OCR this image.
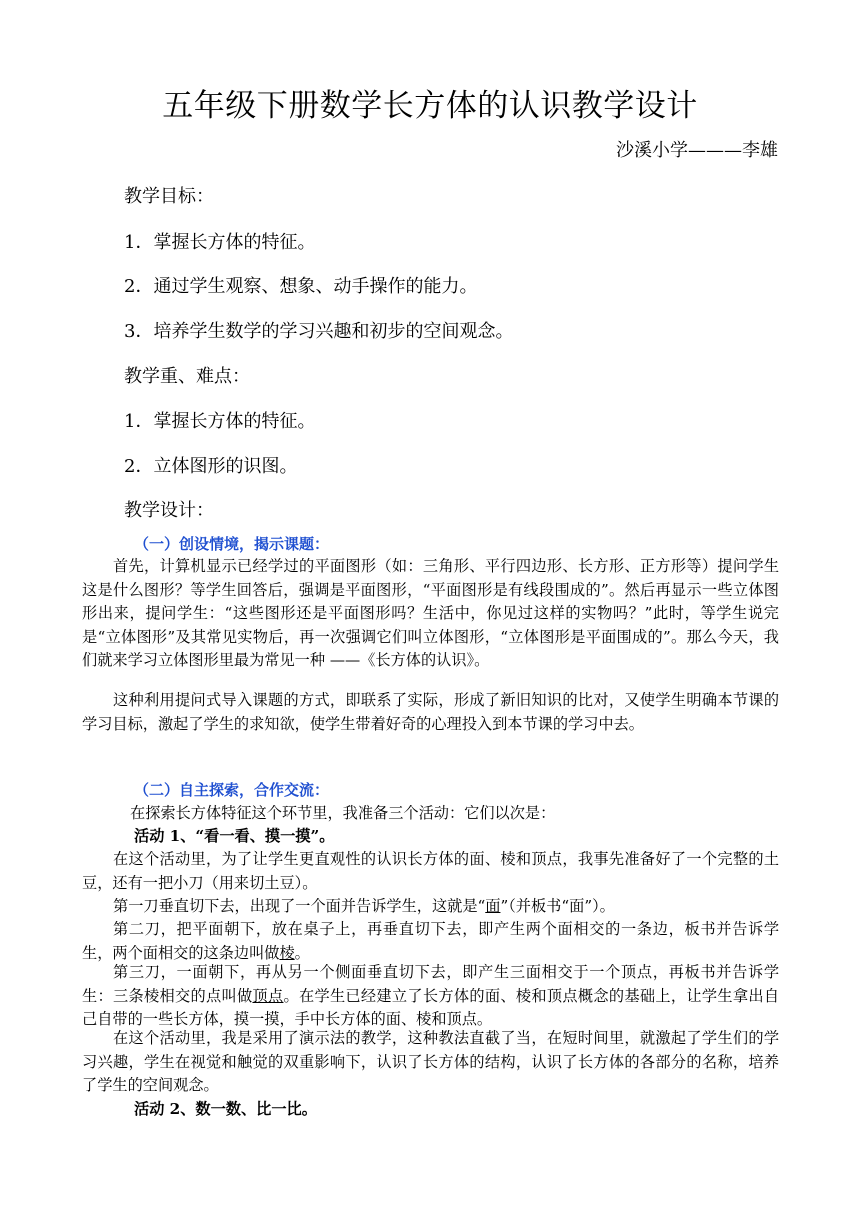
五年级下册数学长方体的认识教学设计
沙溪小学———李雄
教学目标：
1．掌握长方体的特征。
2．通过学生观察、想象、动手操作的能力。
3．培养学生数学的学习兴趣和初步的空间观念。
教学重、难点：
1．掌握长方体的特征。
2．立体图形的识图。
教学设计：
（一）创设情境，揭示课题：

首先，计算机显示已经学过的平面图形（如：三角形、平行四边形、长方形、正方形等）提问学生这是什么图形？等学生回答后，强调是平面图形，“平面图形是有线段围成的”。然后再显示一些立体图形出来，提问学生：“这些图形还是平面图形吗？生活中，你见过这样的实物吗？”此时，等学生说完是“立体图形”及其常见实物后，再一次强调它们叫立体图形，“立体图形是平面围成的”。那么今天，我们就来学习立体图形里最为常见一种 ——《长方体的认识》。

这种利用提问式导入课题的方式，即联系了实际，形成了新旧知识的比对，又使学生明确本节课的学习目标，激起了学生的求知欲，使学生带着好奇的心理投入到本节课的学习中去。

（二）自主探索，合作交流：
在探索长方体特征这个环节里，我准备三个活动：它们以次是：
活动 1、“看一看、摸一摸”。

在这个活动里，为了让学生更直观性的认识长方体的面、棱和顶点，我事先准备好了一个完整的土豆，还有一把小刀（用来切土豆）。

第一刀垂直切下去，出现了一个面并告诉学生，这就是“面”（并板书“面”）。

第二刀，把平面朝下，放在桌子上，再垂直切下去，即产生两个面相交的一条边，板书并告诉学生，两个面相交的这条边叫做棱。

第三刀，一面朝下，再从另一个侧面垂直切下去，即产生三面相交于一个顶点，再板书并告诉学生：三条棱相交的点叫做顶点。在学生已经建立了长方体的面、棱和顶点概念的基础上，让学生拿出自己自带的一些长方体，摸一摸，手中长方体的面、棱和顶点。

在这个活动里，我是采用了演示法的教学，这种教法直截了当，在短时间里，就激起了学生们的学习兴趣，学生在视觉和触觉的双重影响下，认识了长方体的结构，认识了长方体的各部分的名称，培养了学生的空间观念。

活动 2、数一数、比一比。
